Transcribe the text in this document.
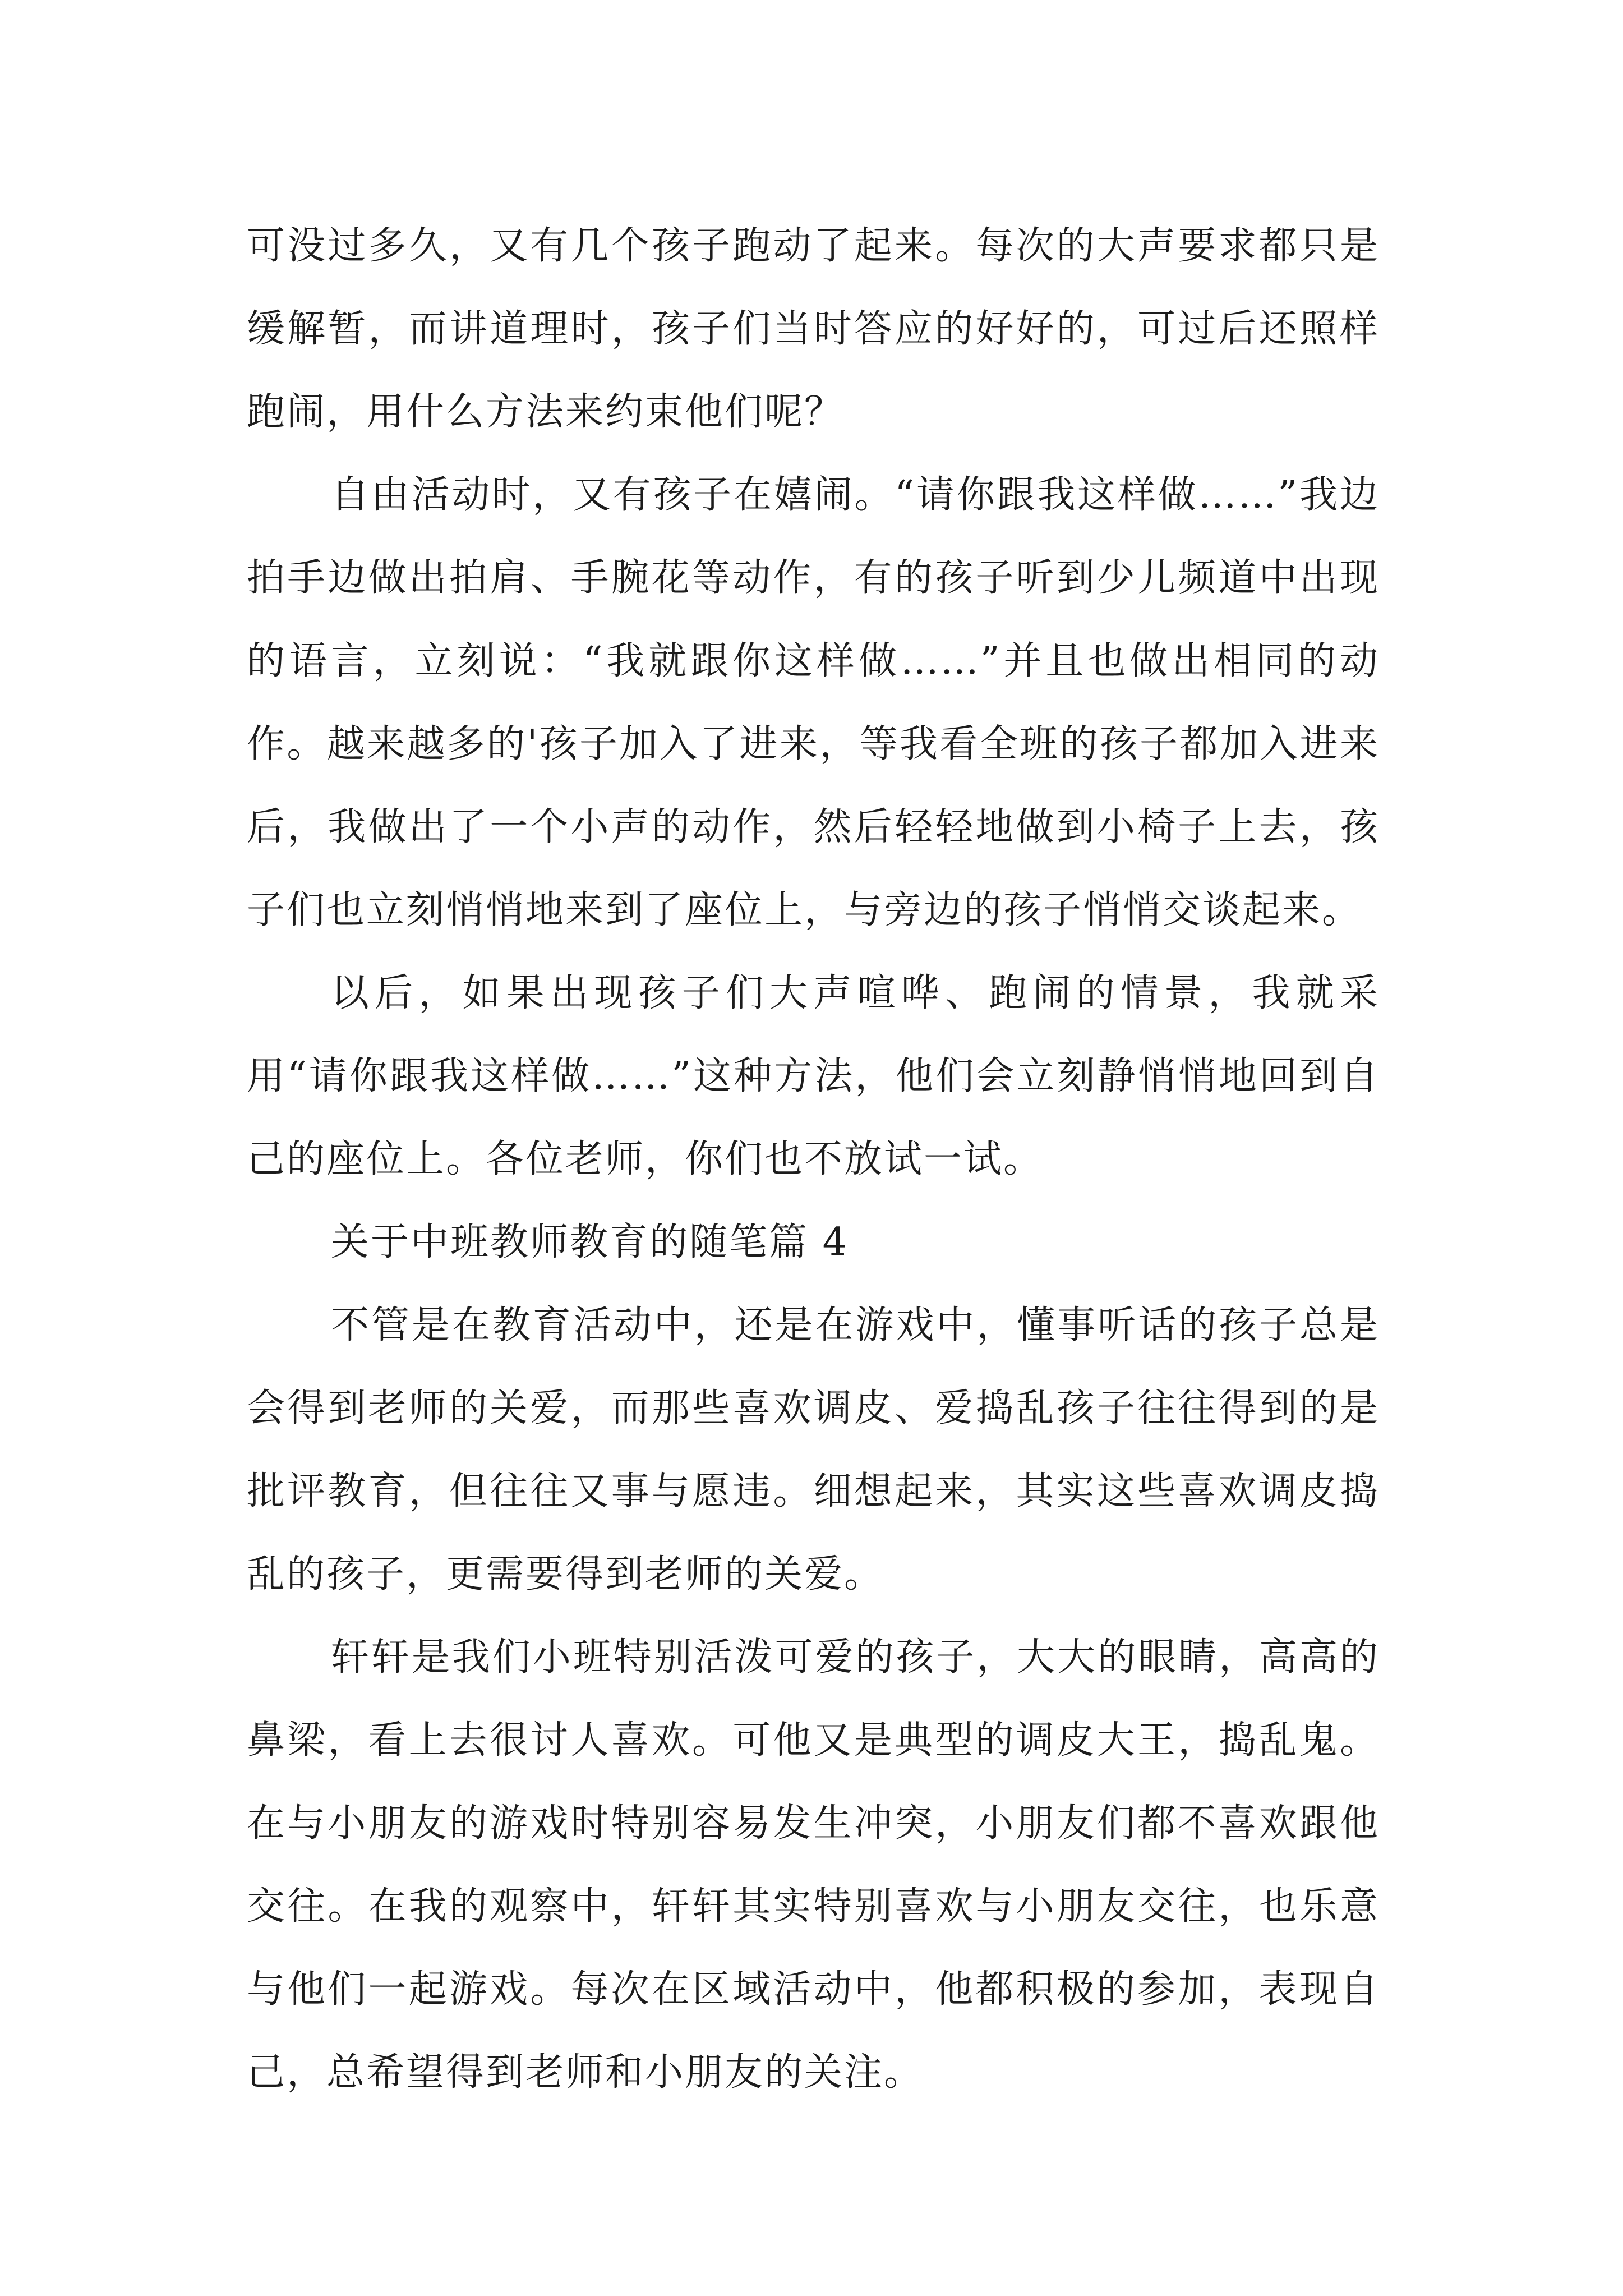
可没过多久，又有几个孩子跑动了起来。每次的大声要求都只是缓解暂，而讲道理时，孩子们当时答应的好好的，可过后还照样跑闹，用什么方法来约束他们呢？

自由活动时，又有孩子在嬉闹。“请你跟我这样做……”我边拍手边做出拍肩、手腕花等动作，有的孩子听到少儿频道中出现的语言，立刻说：“我就跟你这样做……”并且也做出相同的动作。越来越多的'孩子加入了进来，等我看全班的孩子都加入进来后，我做出了一个小声的动作，然后轻轻地做到小椅子上去，孩子们也立刻悄悄地来到了座位上，与旁边的孩子悄悄交谈起来。

以后，如果出现孩子们大声喧哗、跑闹的情景，我就采用“请你跟我这样做……”这种方法，他们会立刻静悄悄地回到自己的座位上。各位老师，你们也不放试一试。

关于中班教师教育的随笔篇 4

不管是在教育活动中，还是在游戏中，懂事听话的孩子总是会得到老师的关爱，而那些喜欢调皮、爱捣乱孩子往往得到的是批评教育，但往往又事与愿违。细想起来，其实这些喜欢调皮捣乱的孩子，更需要得到老师的关爱。

轩轩是我们小班特别活泼可爱的孩子，大大的眼睛，高高的鼻梁，看上去很讨人喜欢。可他又是典型的调皮大王，捣乱鬼。在与小朋友的游戏时特别容易发生冲突，小朋友们都不喜欢跟他交往。在我的观察中，轩轩其实特别喜欢与小朋友交往，也乐意与他们一起游戏。每次在区域活动中，他都积极的参加，表现自己，总希望得到老师和小朋友的关注。
